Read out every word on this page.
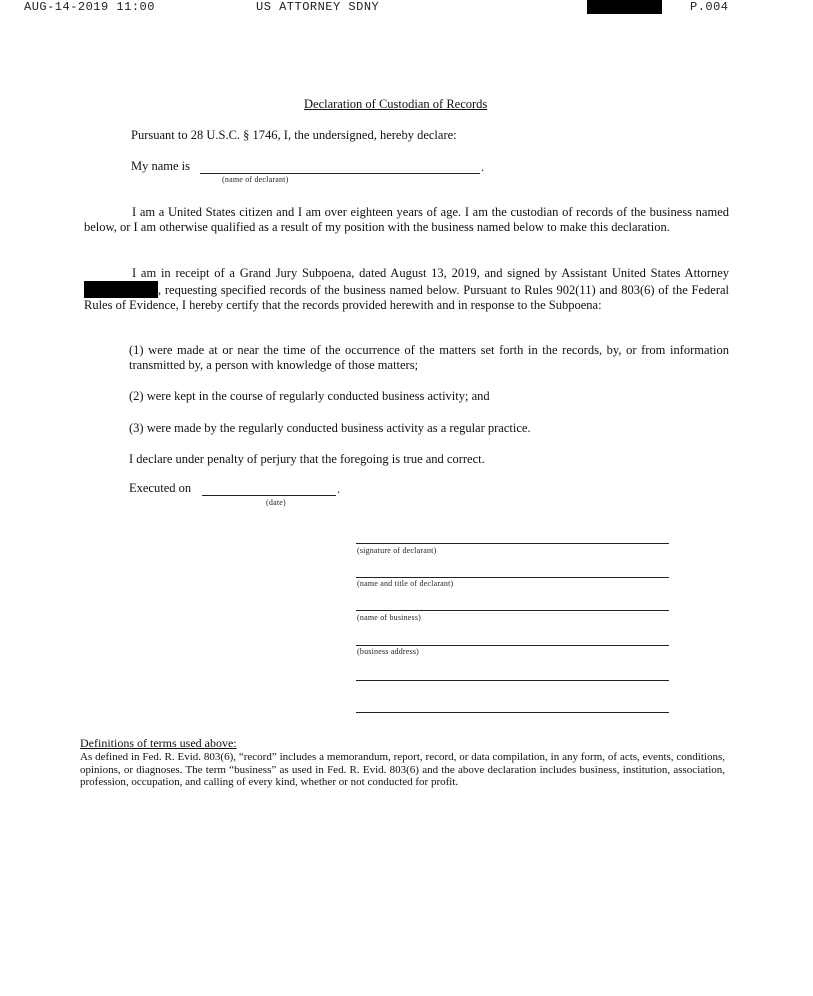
AUG-14-2019 11:00	US ATTORNEY SDNY	P.004
Declaration of Custodian of Records
Pursuant to 28 U.S.C. § 1746, I, the undersigned, hereby declare:
My name is	.
(name of declarant)
I am a United States citizen and I am over eighteen years of age. I am the custodian of records of the business named below, or I am otherwise qualified as a result of my position with the business named below to make this declaration.
I am in receipt of a Grand Jury Subpoena, dated August 13, 2019, and signed by Assistant United States Attorney , requesting specified records of the business named below. Pursuant to Rules 902(11) and 803(6) of the Federal Rules of Evidence, I hereby certify that the records provided herewith and in response to the Subpoena:
(1) were made at or near the time of the occurrence of the matters set forth in the records, by, or from information transmitted by, a person with knowledge of those matters;
(2) were kept in the course of regularly conducted business activity; and
(3) were made by the regularly conducted business activity as a regular practice.
I declare under penalty of perjury that the foregoing is true and correct.
Executed on	.
(date)
(signature of declarant)
(name and title of declarant)
(name of business)
(business address)
Definitions of terms used above:
As defined in Fed. R. Evid. 803(6), “record” includes a memorandum, report, record, or data compilation, in any form, of acts, events, conditions, opinions, or diagnoses. The term “business” as used in Fed. R. Evid. 803(6) and the above declaration includes business, institution, association, profession, occupation, and calling of every kind, whether or not conducted for profit.
